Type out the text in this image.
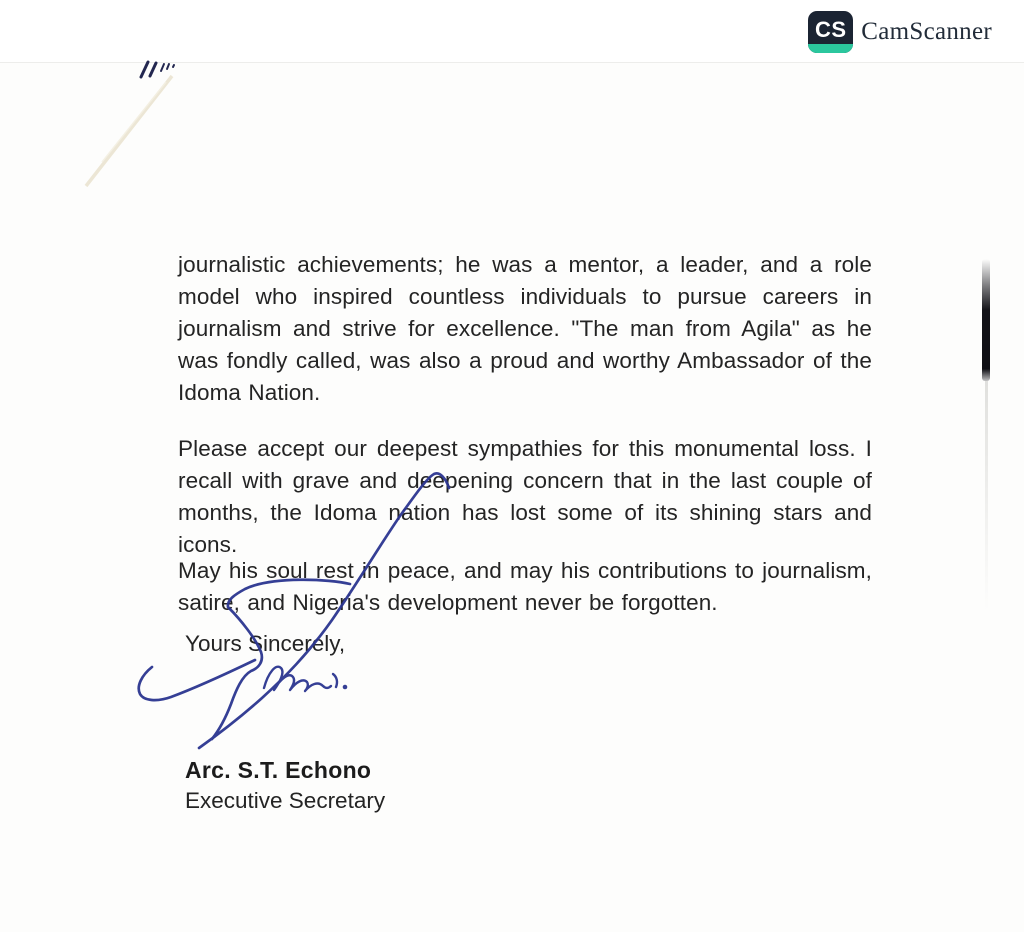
CS CamScanner

journalistic achievements; he was a mentor, a leader, and a role model who inspired countless individuals to pursue careers in journalism and strive for excellence. "The man from Agila" as he was fondly called, was also a proud and worthy Ambassador of the Idoma Nation.

Please accept our deepest sympathies for this monumental loss. I recall with grave and deepening concern that in the last couple of months, the Idoma nation has lost some of its shining stars and icons.

May his soul rest in peace, and may his contributions to journalism, satire, and Nigeria's development never be forgotten.

Yours Sincerely,

Arc. S.T. Echono

Executive Secretary
